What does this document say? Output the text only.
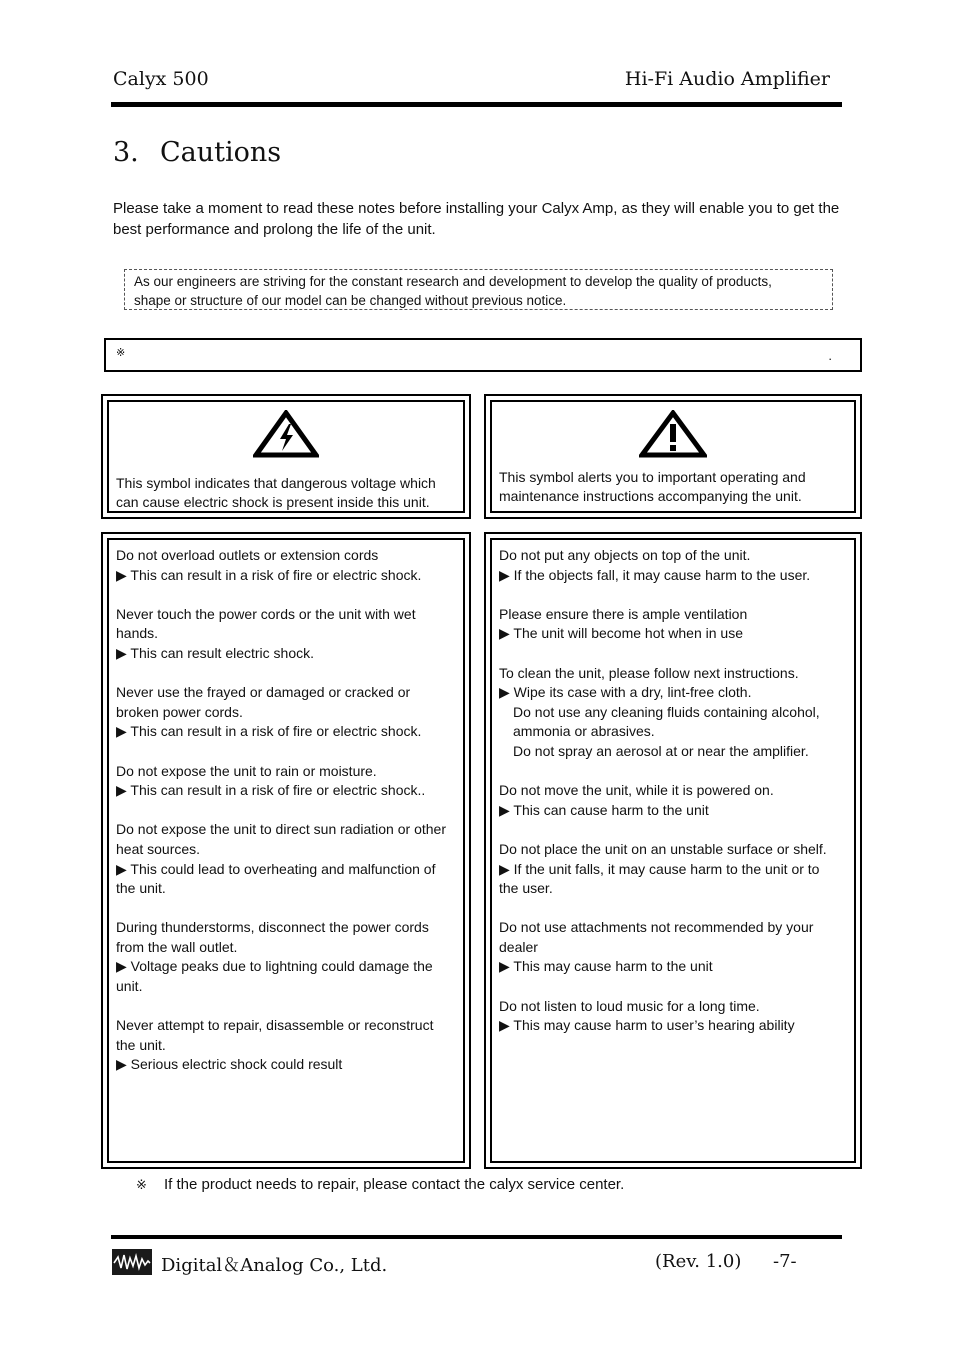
Calyx 500	Hi-Fi Audio Amplifier
3. Cautions
Please take a moment to read these notes before installing your Calyx Amp, as they will enable you to get the best performance and prolong the life of the unit.
As our engineers are striving for the constant research and development to develop the quality of products,
shape or structure of our model can be changed without previous notice.
※	.
This symbol indicates that dangerous voltage which
can cause electric shock is present inside this unit.
This symbol alerts you to important operating and
maintenance instructions accompanying the unit.
Do not overload outlets or extension cords
▶ This can result in a risk of fire or electric shock.
Never touch the power cords or the unit with wet
hands.
▶ This can result electric shock.
Never use the frayed or damaged or cracked or
broken power cords.
▶ This can result in a risk of fire or electric shock.
Do not expose the unit to rain or moisture.
▶ This can result in a risk of fire or electric shock..
Do not expose the unit to direct sun radiation or other
heat sources.
▶ This could lead to overheating and malfunction of
the unit.
During thunderstorms, disconnect the power cords
from the wall outlet.
▶ Voltage peaks due to lightning could damage the
unit.
Never attempt to repair, disassemble or reconstruct
the unit.
▶ Serious electric shock could result
Do not put any objects on top of the unit.
▶ If the objects fall, it may cause harm to the user.
Please ensure there is ample ventilation
▶ The unit will become hot when in use
To clean the unit, please follow next instructions.
▶ Wipe its case with a dry, lint-free cloth.
Do not use any cleaning fluids containing alcohol,
ammonia or abrasives.
Do not spray an aerosol at or near the amplifier.
Do not move the unit, while it is powered on.
▶ This can cause harm to the unit
Do not place the unit on an unstable surface or shelf.
▶ If the unit falls, it may cause harm to the unit or to
the user.
Do not use attachments not recommended by your
dealer
▶ This may cause harm to the unit
Do not listen to loud music for a long time.
▶ This may cause harm to user’s hearing ability
※ If the product needs to repair, please contact the calyx service center.
Digital＆Analog Co., Ltd.	(Rev. 1.0) -7-
